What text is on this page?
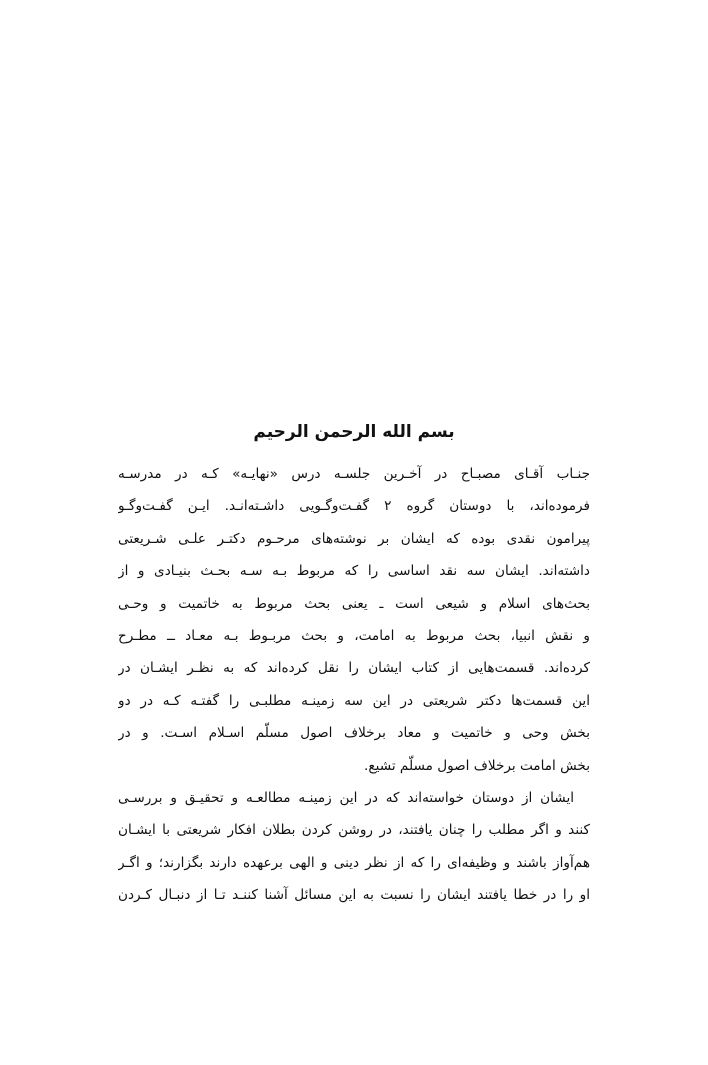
بسم الله الرحمن الرحيم
جنـاب آقـای مصبـاح در آخـرین جلسـه درس «نهایـه» کـه در مدرسـه
فرموده‌اند، با دوستان گروه ۲ گفـت‌وگـویی داشـته‌انـد. ایـن گفـت‌وگـو
پیرامون نقدی بوده که ایشان بر نوشته‌های مرحـوم دکتـر علـی شـریعتی
داشته‌اند. ایشان سه نقد اساسی را که مربوط بـه سـه بحـث بنیـادی و از
بحث‌های اسلام و شیعی است ـ یعنی بحث مربوط به خاتمیت و وحـی
و نقش انبیا، بحث مربوط به امامت، و بحث مربـوط بـه معـاد ــ مطـرح
کرده‌اند. قسمت‌هایی از کتاب ایشان را نقل کرده‌اند که به نظـر ایشـان در
این قسمت‌ها دکتر شریعتی در این سه زمینـه مطلبـی را گفتـه کـه در دو
بخش وحی و خاتمیت و معاد برخلاف اصول مسلّم اسـلام اسـت. و در
بخش امامت برخلاف اصول مسلّم تشیع.
ایشان از دوستان خواسته‌اند که در این زمینـه مطالعـه و تحقیـق و بررسـی
کنند و اگر مطلب را چنان یافتند، در روشن کردن بطلان افکار شریعتی با ایشـان
هم‌آواز باشند و وظیفه‌ای را که از نظر دینی و الهی برعهده دارند بگزارند؛ و اگـر
او را در خطا یافتند ایشان را نسبت به این مسائل آشنا کننـد تـا از دنبـال کـردن
